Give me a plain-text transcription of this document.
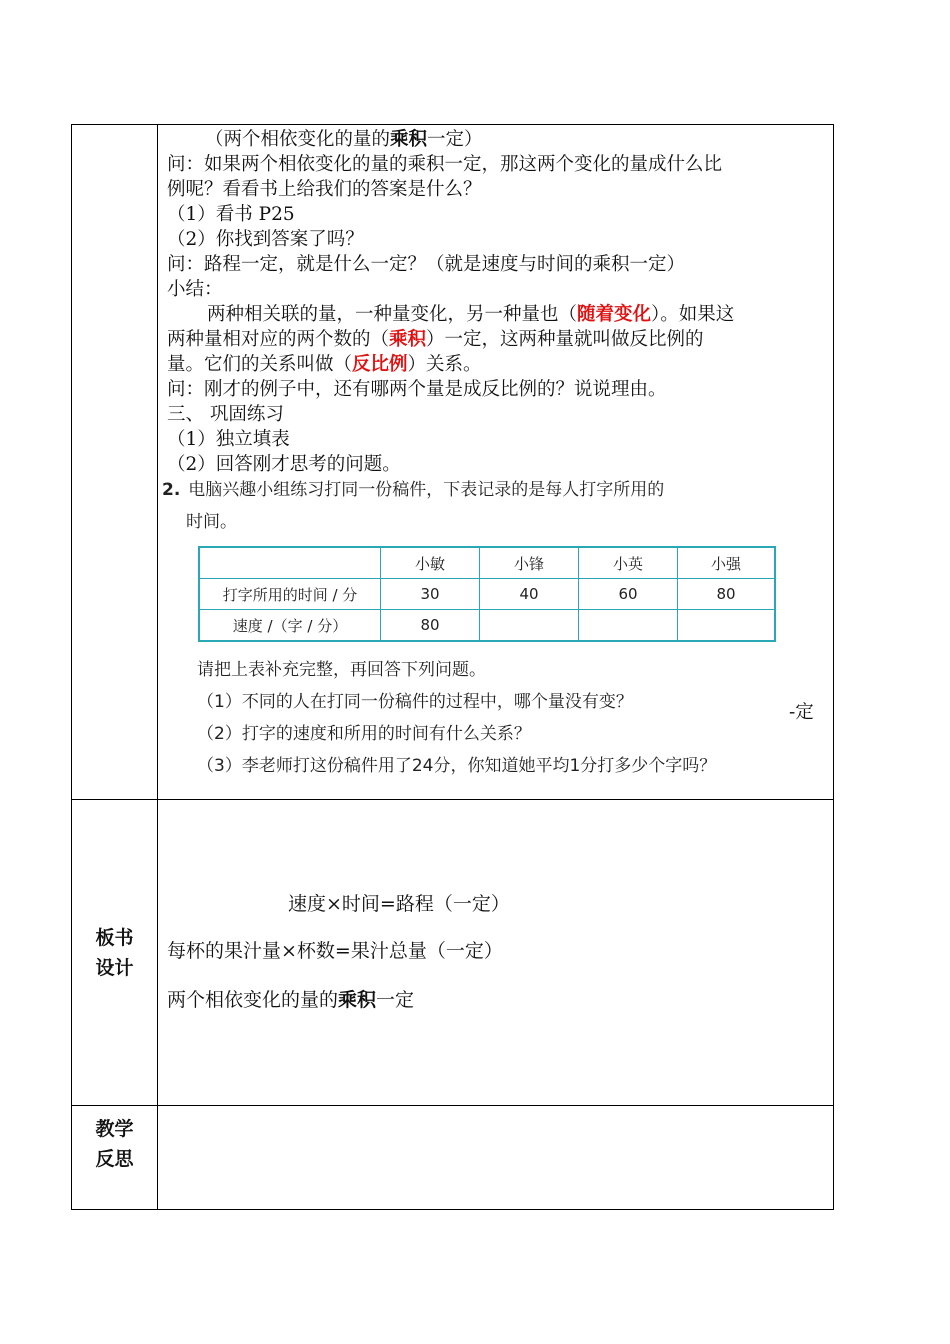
（两个相依变化的量的乘积一定）
问：如果两个相依变化的量的乘积一定，那这两个变化的量成什么比
例呢？看看书上给我们的答案是什么？
（1）看书 P25
（2）你找到答案了吗？
问：路程一定，就是什么一定？（就是速度与时间的乘积一定）
小结：
两种相关联的量，一种量变化，另一种量也（随着变化）。如果这
两种量相对应的两个数的（乘积）一定，这两种量就叫做反比例的
量。它们的关系叫做（反比例）关系。
问：刚才的例子中，还有哪两个量是成反比例的？说说理由。
三、 巩固练习
（1）独立填表
（2）回答刚才思考的问题。
2. 电脑兴趣小组练习打同一份稿件，下表记录的是每人打字所用的
时间。
	小敏	小锋	小英	小强
打字所用的时间 / 分	30	40	60	80
速度 /（字 / 分）	80			
请把上表补充完整，再回答下列问题。
（1）不同的人在打同一份稿件的过程中，哪个量没有变？
（2）打字的速度和所用的时间有什么关系？
（3）李老师打这份稿件用了24分，你知道她平均1分打多少个字吗？
-定
板书设计
速度×时间=路程（一定）
每杯的果汁量×杯数=果汁总量（一定）
两个相依变化的量的乘积一定
教学反思
